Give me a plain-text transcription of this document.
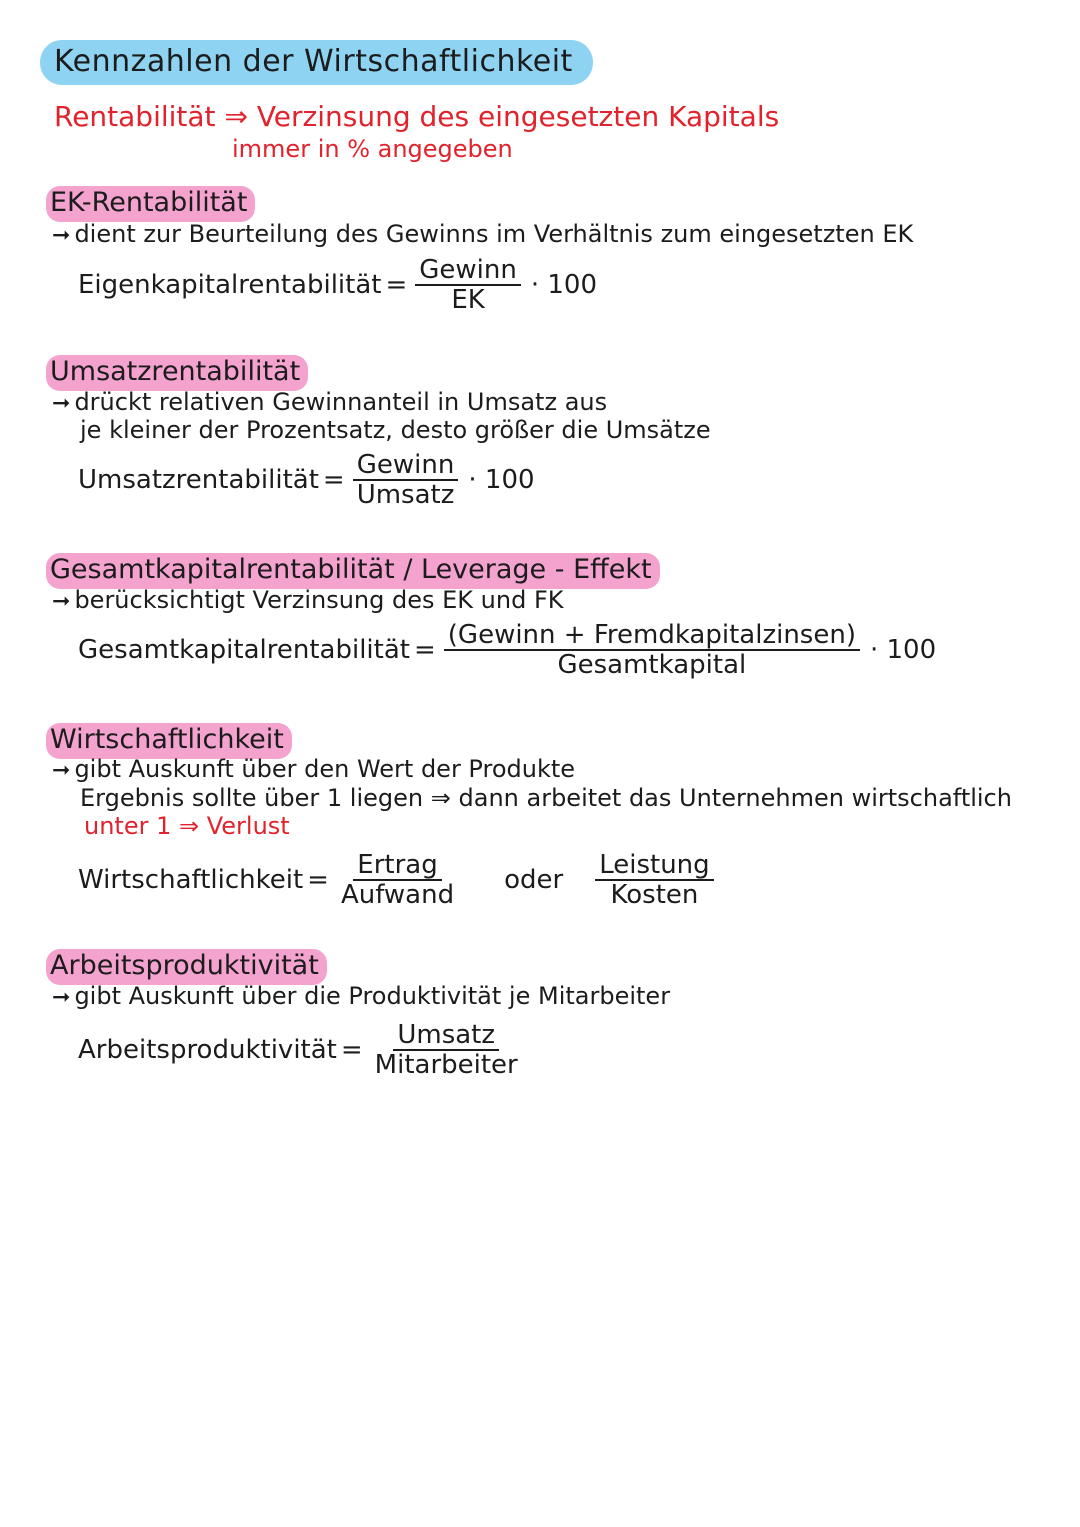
Kennzahlen der Wirtschaftlichkeit
Rentabilität ⇒ Verzinsung des eingesetzten Kapitals
immer in % angegeben
EK-Rentabilität
➞ dient zur Beurteilung des Gewinns im Verhältnis zum eingesetzten EK
Eigenkapitalrentabilität = $\frac{\text{Gewinn}}{EK} \cdot 100$
Umsatzrentabilität
➞ drückt relativen Gewinnanteil in Umsatz aus
je kleiner der Prozentsatz, desto größer die Umsätze
Umsatzrentabilität = $\frac{\text{Gewinn}}{\text{Umsatz}} \cdot 100$
Gesamtkapitalrentabilität / Leverage - Effekt
➞ berücksichtigt Verzinsung des EK und FK
Gesamtkapitalrentabilität = $\frac{\text{(Gewinn + Fremdkapitalzinsen)}}{\text{Gesamtkapital}} \cdot 100$
Wirtschaftlichkeit
➞ gibt Auskunft über den Wert der Produkte
Ergebnis sollte über 1 liegen ⇒ dann arbeitet das Unternehmen wirtschaftlich
unter 1 ⇒ Verlust
Wirtschaftlichkeit = $\frac{\text{Ertrag}}{\text{Aufwand}}$ oder $\frac{\text{Leistung}}{\text{Kosten}}$
Arbeitsproduktivität
➞ gibt Auskunft über die Produktivität je Mitarbeiter
Arbeitsproduktivität = $\frac{\text{Umsatz}}{\text{Mitarbeiter}}$
